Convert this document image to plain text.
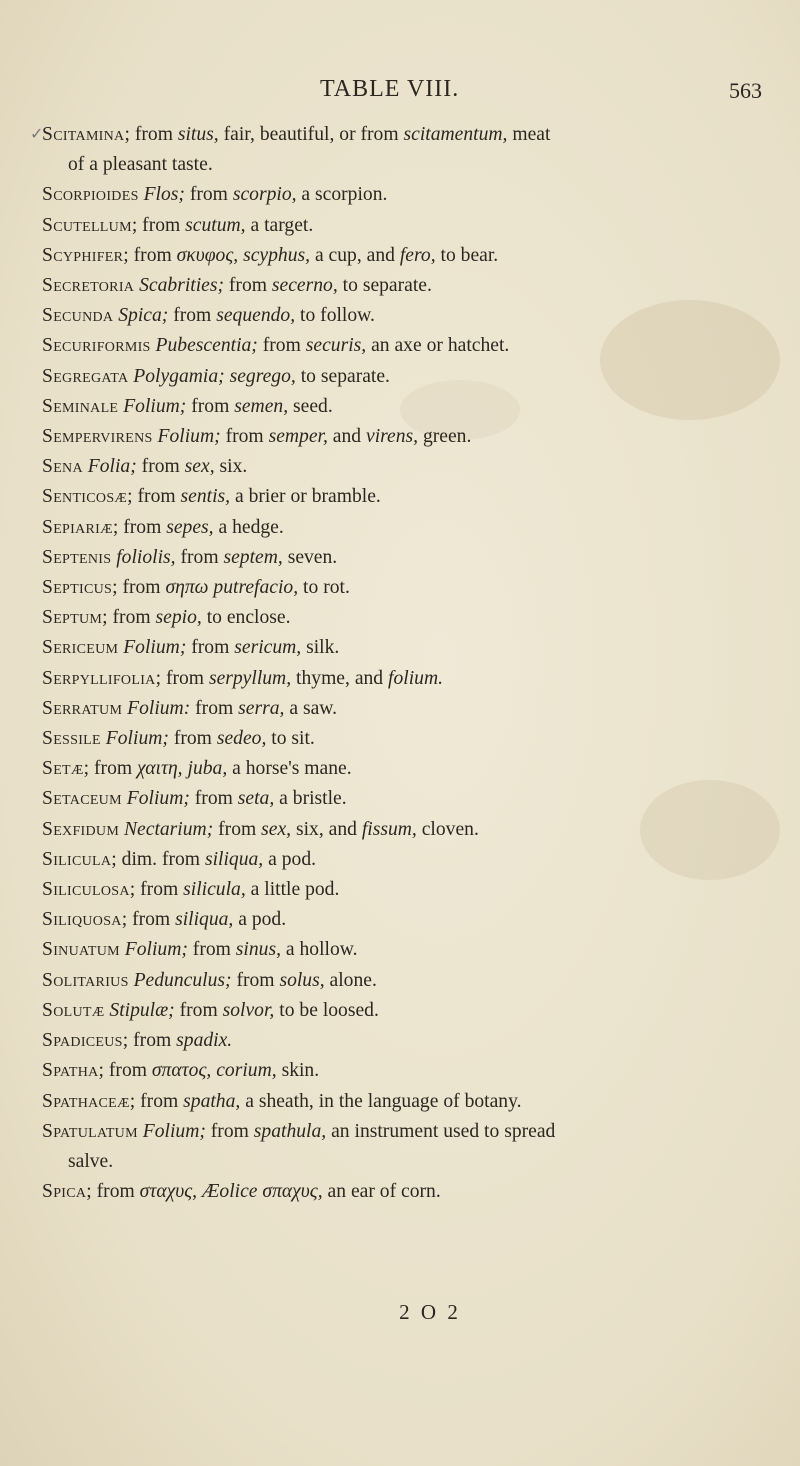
TABLE VIII.	563
✓
Scitamina; from situs, fair, beautiful, or from scitamentum, meat
of a pleasant taste.
Scorpioides Flos; from scorpio, a scorpion.
Scutellum; from scutum, a target.
Scyphifer; from σκυφος, scyphus, a cup, and fero, to bear.
Secretoria Scabrities; from secerno, to separate.
Secunda Spica; from sequendo, to follow.
Securiformis Pubescentia; from securis, an axe or hatchet.
Segregata Polygamia; segrego, to separate.
Seminale Folium; from semen, seed.
Sempervirens Folium; from semper, and virens, green.
Sena Folia; from sex, six.
Senticosæ; from sentis, a brier or bramble.
Sepiariæ; from sepes, a hedge.
Septenis foliolis, from septem, seven.
Septicus; from σηπω putrefacio, to rot.
Septum; from sepio, to enclose.
Sericeum Folium; from sericum, silk.
Serpyllifolia; from serpyllum, thyme, and folium.
Serratum Folium: from serra, a saw.
Sessile Folium; from sedeo, to sit.
Setæ; from χαιτη, juba, a horse's mane.
Setaceum Folium; from seta, a bristle.
Sexfidum Nectarium; from sex, six, and fissum, cloven.
Silicula; dim. from siliqua, a pod.
Siliculosa; from silicula, a little pod.
Siliquosa; from siliqua, a pod.
Sinuatum Folium; from sinus, a hollow.
Solitarius Pedunculus; from solus, alone.
Solutæ Stipulæ; from solvor, to be loosed.
Spadiceus; from spadix.
Spatha; from σπατος, corium, skin.
Spathaceæ; from spatha, a sheath, in the language of botany.
Spatulatum Folium; from spathula, an instrument used to spread
salve.
Spica; from σταχυς, Æolice σπαχυς, an ear of corn.
2 O 2
